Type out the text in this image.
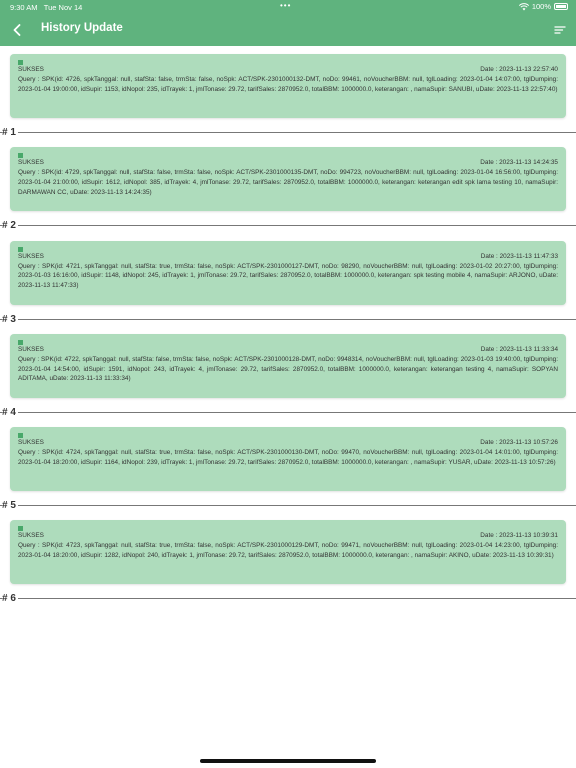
9:30 AM Tue Nov 14	•••	100%
History Update
SUKSES	Date : 2023-11-13 22:57:40
Query : SPK(id: 4726, spkTanggal: null, stafSta: false, trmSta: false, noSpk: ACT/SPK-2301000132-DMT, noDo: 99461, noVoucherBBM: null, tglLoading: 2023-01-04 14:07:00, tglDumping: 2023-01-04 19:00:00, idSupir: 1153, idNopol: 235, idTrayek: 1, jmlTonase: 29.72, tarifSales: 2870952.0, totalBBM: 1000000.0, keterangan: , namaSupir: SANUBI, uDate: 2023-11-13 22:57:40)
# 1
SUKSES	Date : 2023-11-13 14:24:35
Query : SPK(id: 4729, spkTanggal: null, stafSta: false, trmSta: false, noSpk: ACT/SPK-2301000135-DMT, noDo: 994723, noVoucherBBM: null, tglLoading: 2023-01-04 16:56:00, tglDumping: 2023-01-04 21:00:00, idSupir: 1612, idNopol: 385, idTrayek: 4, jmlTonase: 29.72, tarifSales: 2870952.0, totalBBM: 1000000.0, keterangan: keterangan edit spk lama testing 10, namaSupir: DARMAWAN CC, uDate: 2023-11-13 14:24:35)
# 2
SUKSES	Date : 2023-11-13 11:47:33
Query : SPK(id: 4721, spkTanggal: null, stafSta: true, trmSta: false, noSpk: ACT/SPK-2301000127-DMT, noDo: 98290, noVoucherBBM: null, tglLoading: 2023-01-02 20:27:00, tglDumping: 2023-01-03 16:16:00, idSupir: 1148, idNopol: 245, idTrayek: 1, jmlTonase: 29.72, tarifSales: 2870952.0, totalBBM: 1000000.0, keterangan: spk testing mobile 4, namaSupir: ARJONO, uDate: 2023-11-13 11:47:33)
# 3
SUKSES	Date : 2023-11-13 11:33:34
Query : SPK(id: 4722, spkTanggal: null, stafSta: false, trmSta: false, noSpk: ACT/SPK-2301000128-DMT, noDo: 9948314, noVoucherBBM: null, tglLoading: 2023-01-03 19:40:00, tglDumping: 2023-01-04 14:54:00, idSupir: 1591, idNopol: 243, idTrayek: 4, jmlTonase: 29.72, tarifSales: 2870952.0, totalBBM: 1000000.0, keterangan: keterangan testing 4, namaSupir: SOPYAN ADITAMA, uDate: 2023-11-13 11:33:34)
# 4
SUKSES	Date : 2023-11-13 10:57:26
Query : SPK(id: 4724, spkTanggal: null, stafSta: true, trmSta: false, noSpk: ACT/SPK-2301000130-DMT, noDo: 99470, noVoucherBBM: null, tglLoading: 2023-01-04 14:01:00, tglDumping: 2023-01-04 18:20:00, idSupir: 1164, idNopol: 239, idTrayek: 1, jmlTonase: 29.72, tarifSales: 2870952.0, totalBBM: 1000000.0, keterangan: , namaSupir: YUSAR, uDate: 2023-11-13 10:57:26)
# 5
SUKSES	Date : 2023-11-13 10:39:31
Query : SPK(id: 4723, spkTanggal: null, stafSta: true, trmSta: false, noSpk: ACT/SPK-2301000129-DMT, noDo: 99471, noVoucherBBM: null, tglLoading: 2023-01-04 14:23:00, tglDumping: 2023-01-04 18:20:00, idSupir: 1282, idNopol: 240, idTrayek: 1, jmlTonase: 29.72, tarifSales: 2870952.0, totalBBM: 1000000.0, keterangan: , namaSupir: AKINO, uDate: 2023-11-13 10:39:31)
# 6
